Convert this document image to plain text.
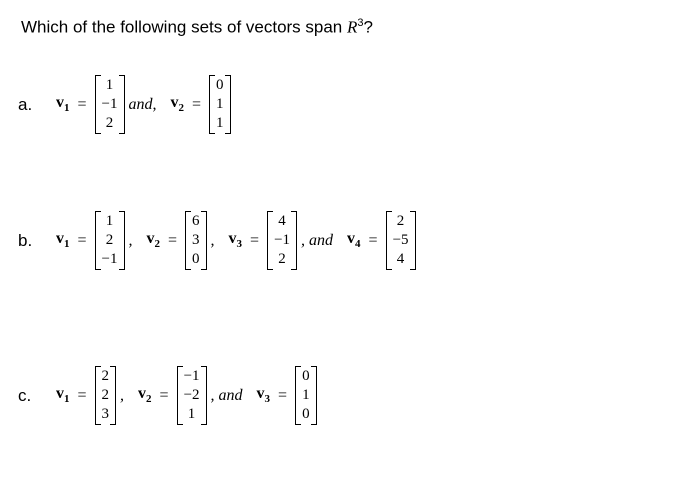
Which of the following sets of vectors span $R^3$?
a.	$v_1$ =
1
−1
2
and, $v_2$ =
0
1
1
b.	$v_1$ =
1
2
−1
, $v_2$ =
6
3
0
, $v_3$ =
4
−1
2
, and $v_4$ =
2
−5
4
c.	$v_1$ =
2
2
3
, $v_2$ =
−1
−2
1
, and $v_3$ =
0
1
0
